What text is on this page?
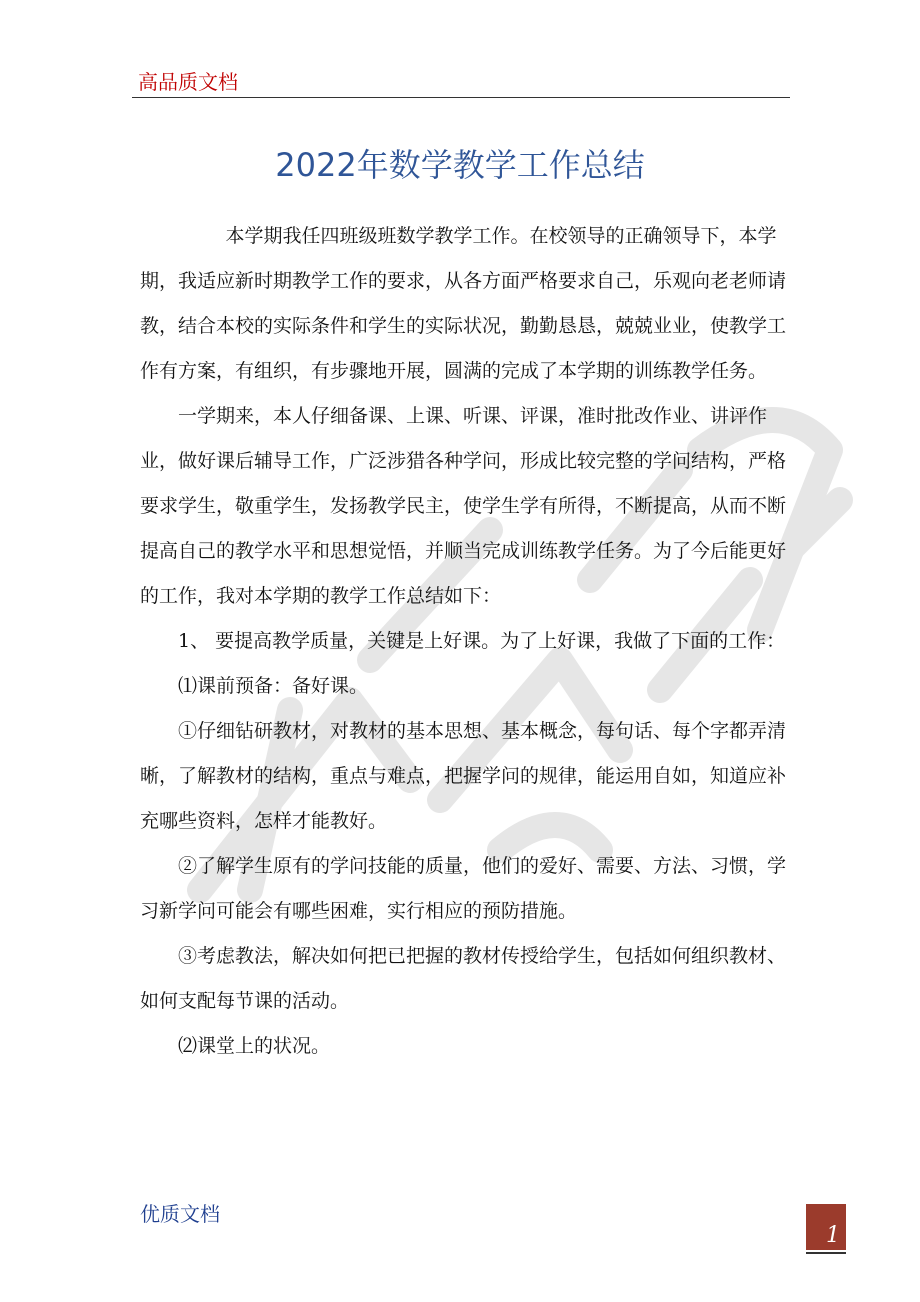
高品质文档
2022年数学教学工作总结

本学期我任四班级班数学教学工作。在校领导的正确领导下，本学期，我适应新时期教学工作的要求，从各方面严格要求自己，乐观向老老师请教，结合本校的实际条件和学生的实际状况，勤勤恳恳，兢兢业业，使教学工作有方案，有组织，有步骤地开展，圆满的完成了本学期的训练教学任务。

一学期来，本人仔细备课、上课、听课、评课，准时批改作业、讲评作业，做好课后辅导工作，广泛涉猎各种学问，形成比较完整的学问结构，严格要求学生，敬重学生，发扬教学民主，使学生学有所得，不断提高，从而不断提高自己的教学水平和思想觉悟，并顺当完成训练教学任务。为了今后能更好的工作，我对本学期的教学工作总结如下：

1、 要提高教学质量，关键是上好课。为了上好课，我做了下面的工作：

⑴课前预备：备好课。

①仔细钻研教材，对教材的基本思想、基本概念，每句话、每个字都弄清晰，了解教材的结构，重点与难点，把握学问的规律，能运用自如，知道应补充哪些资料，怎样才能教好。

②了解学生原有的学问技能的质量，他们的爱好、需要、方法、习惯，学习新学问可能会有哪些困难，实行相应的预防措施。

③考虑教法，解决如何把已把握的教材传授给学生，包括如何组织教材、如何支配每节课的活动。

⑵课堂上的状况。

优质文档
1
